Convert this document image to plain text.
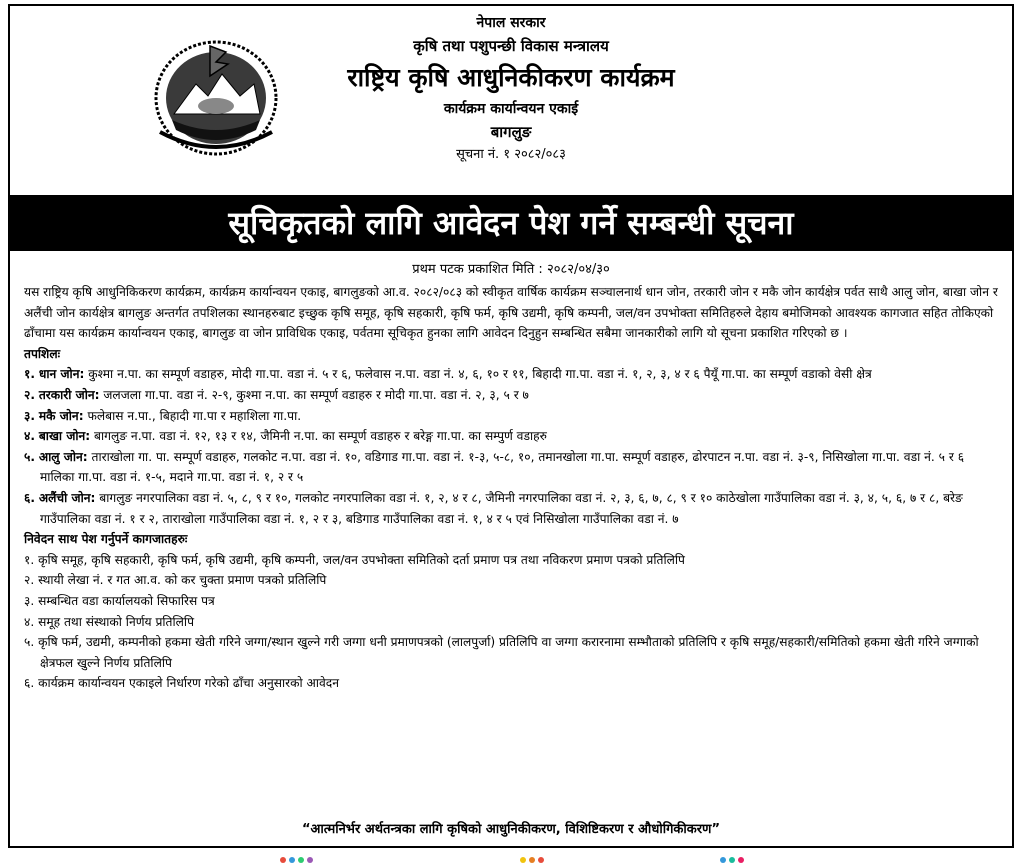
नेपाल सरकार
कृषि तथा पशुपन्छी विकास मन्त्रालय
राष्ट्रिय कृषि आधुनिकीकरण कार्यक्रम
कार्यक्रम कार्यान्वयन एकाई
बागलुङ
सूचना नं. १ २०८२/०८३
सूचिकृतको लागि आवेदन पेश गर्ने सम्बन्धी सूचना
प्रथम पटक प्रकाशित मिति : २०८२/०४/३०

यस राष्ट्रिय कृषि आधुनिकिकरण कार्यक्रम, कार्यक्रम कार्यान्वयन एकाइ, बागलुङको आ.व. २०८२/०८३ को स्वीकृत वार्षिक कार्यक्रम सञ्चालनार्थ धान जोन, तरकारी जोन र मकै जोन कार्यक्षेत्र पर्वत साथै आलु जोन, बाखा जोन र अलैंची जोन कार्यक्षेत्र बागलुङ अन्तर्गत तपशिलका स्थानहरुबाट इच्छुक कृषि समूह, कृषि सहकारी, कृषि फर्म, कृषि उद्यमी, कृषि कम्पनी, जल/वन उपभोक्ता समितिहरुले देहाय बमोजिमको आवश्यक कागजात सहित तोकिएको ढाँचामा यस कार्यक्रम कार्यान्वयन एकाइ, बागलुङ वा जोन प्राविधिक एकाइ, पर्वतमा सूचिकृत हुनका लागि आवेदन दिनुहुन सम्बन्धित सबैमा जानकारीको लागि यो सूचना प्रकाशित गरिएको छ ।

तपशिलः
१. धान जोन: कुश्मा न.पा. का सम्पूर्ण वडाहरु, मोदी गा.पा. वडा नं. ५ र ६, फलेवास न.पा. वडा नं. ४, ६, १० र ११, बिहादी गा.पा. वडा नं. १, २, ३, ४ र ६ पैयूँ गा.पा. का सम्पूर्ण वडाको वेसी क्षेत्र
२. तरकारी जोन: जलजला गा.पा. वडा नं. २-९, कुश्मा न.पा. का सम्पूर्ण वडाहरु र मोदी गा.पा. वडा नं. २, ३, ५ र ७
३. मकै जोन: फलेबास न.पा., बिहादी गा.पा र महाशिला गा.पा.
४. बाखा जोन: बागलुङ न.पा. वडा नं. १२, १३ र १४, जैमिनी न.पा. का सम्पूर्ण वडाहरु र बरेङ्ग गा.पा. का सम्पुर्ण वडाहरु
५. आलु जोन: ताराखोला गा. पा. सम्पूर्ण वडाहरु, गलकोट न.पा. वडा नं. १०, वडिगाड गा.पा. वडा नं. १-३, ५-८, १०, तमानखोला गा.पा. सम्पूर्ण वडाहरु, ढोरपाटन न.पा. वडा नं. ३-९, निसिखोला गा.पा. वडा नं. ५ र ६ मालिका गा.पा. वडा नं. १-५, मदाने गा.पा. वडा नं. १, २ र ५
६. अलैंची जोन: बागलुङ नगरपालिका वडा नं. ५, ८, ९ र १०, गलकोट नगरपालिका वडा नं. १, २, ४ र ८, जैमिनी नगरपालिका वडा नं. २, ३, ६, ७, ८, ९ र १० काठेखोला गाउँपालिका वडा नं. ३, ४, ५, ६, ७ र ८, बरेङ गाउँपालिका वडा नं. १ र २, ताराखोला गाउँपालिका वडा नं. १, २ र ३, बडिगाड गाउँपालिका वडा नं. १, ४ र ५ एवं निसिखोला गाउँपालिका वडा नं. ७
निवेदन साथ पेश गर्नुपर्ने कागजातहरुः
१. कृषि समूह, कृषि सहकारी, कृषि फर्म, कृषि उद्यमी, कृषि कम्पनी, जल/वन उपभोक्ता समितिको दर्ता प्रमाण पत्र तथा नविकरण प्रमाण पत्रको प्रतिलिपि
२. स्थायी लेखा नं. र गत आ.व. को कर चुक्ता प्रमाण पत्रको प्रतिलिपि
३. सम्बन्धित वडा कार्यालयको सिफारिस पत्र
४. समूह तथा संस्थाको निर्णय प्रतिलिपि
५. कृषि फर्म, उद्यमी, कम्पनीको हकमा खेती गरिने जग्गा/स्थान खुल्ने गरी जग्गा धनी प्रमाणपत्रको (लालपुर्जा) प्रतिलिपि वा जग्गा करारनामा सम्भौताको प्रतिलिपि र कृषि समूह/सहकारी/समितिको हकमा खेती गरिने जग्गाको क्षेत्रफल खुल्ने निर्णय प्रतिलिपि
६. कार्यक्रम कार्यान्वयन एकाइले निर्धारण गरेको ढाँचा अनुसारको आवेदन
“आत्मनिर्भर अर्थतन्त्रका लागि कृषिको आधुनिकीकरण, विशिष्टिकरण र औधोगिकीकरण”
